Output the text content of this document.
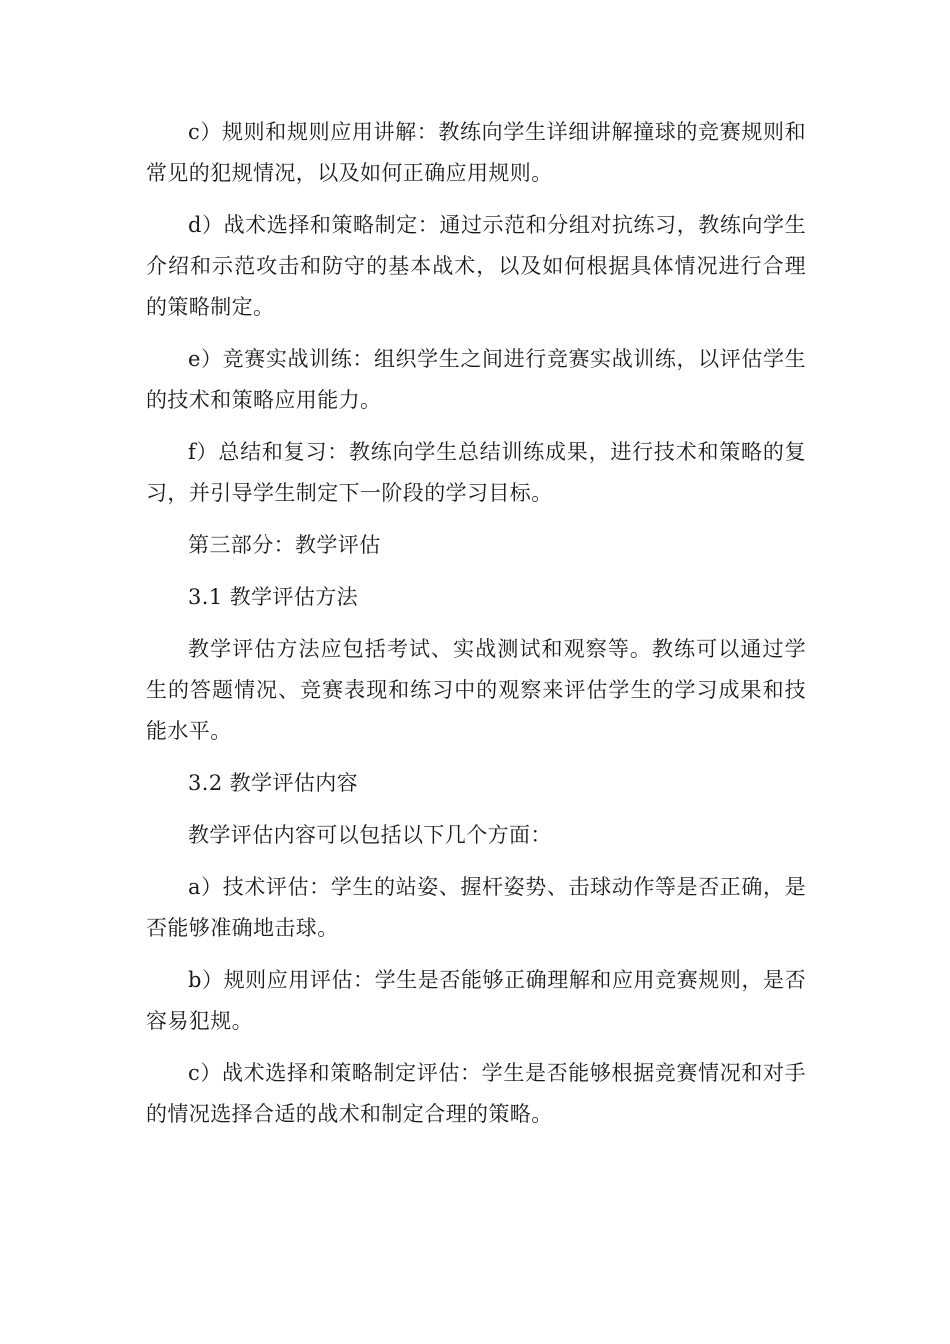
c）规则和规则应用讲解：教练向学生详细讲解撞球的竞赛规则和常见的犯规情况，以及如何正确应用规则。

d）战术选择和策略制定：通过示范和分组对抗练习，教练向学生介绍和示范攻击和防守的基本战术，以及如何根据具体情况进行合理的策略制定。

e）竞赛实战训练：组织学生之间进行竞赛实战训练，以评估学生的技术和策略应用能力。

f）总结和复习：教练向学生总结训练成果，进行技术和策略的复习，并引导学生制定下一阶段的学习目标。

第三部分：教学评估

3.1 教学评估方法

教学评估方法应包括考试、实战测试和观察等。教练可以通过学生的答题情况、竞赛表现和练习中的观察来评估学生的学习成果和技能水平。

3.2 教学评估内容

教学评估内容可以包括以下几个方面：

a）技术评估：学生的站姿、握杆姿势、击球动作等是否正确，是否能够准确地击球。

b）规则应用评估：学生是否能够正确理解和应用竞赛规则，是否容易犯规。

c）战术选择和策略制定评估：学生是否能够根据竞赛情况和对手的情况选择合适的战术和制定合理的策略。
